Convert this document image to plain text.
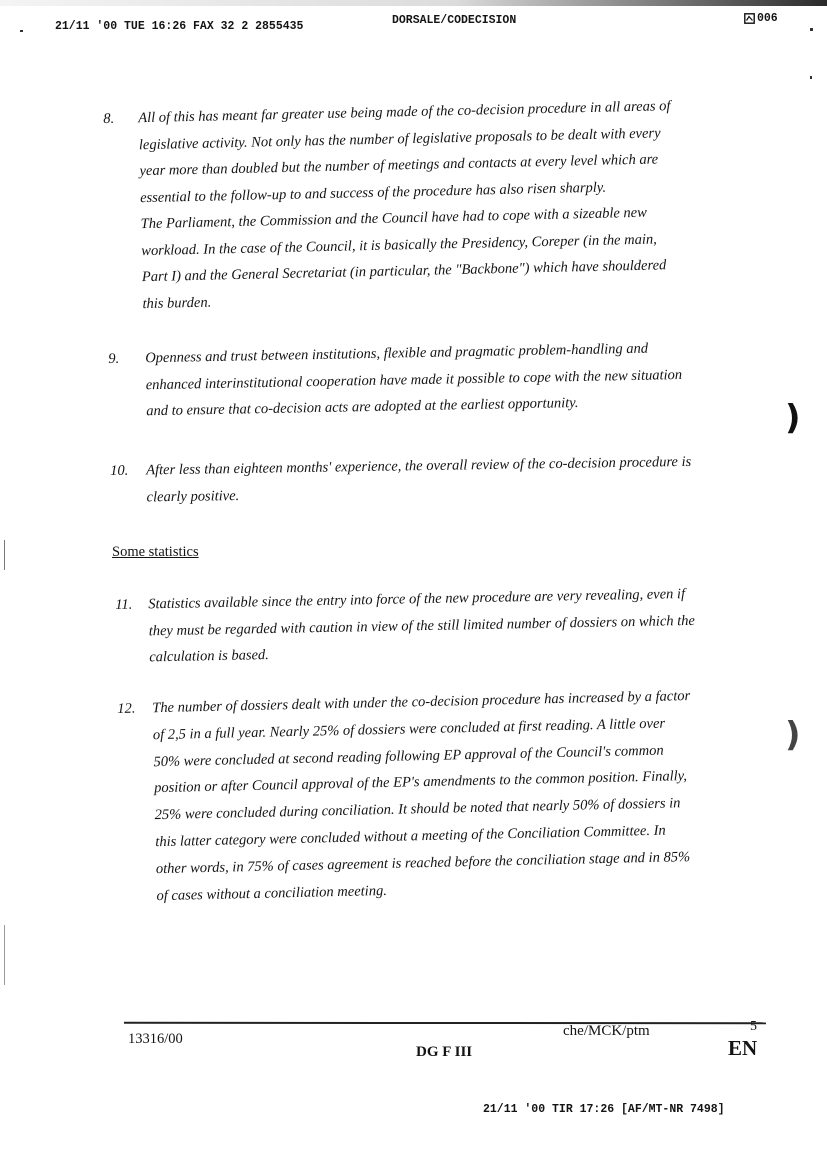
21/11 '00 TUE 16:26 FAX 32 2 2855435	DORSALE/CODECISION	006
)
)
8. All of this has meant far greater use being made of the co-decision procedure in all areas of
legislative activity. Not only has the number of legislative proposals to be dealt with every
year more than doubled but the number of meetings and contacts at every level which are
essential to the follow-up to and success of the procedure has also risen sharply.
The Parliament, the Commission and the Council have had to cope with a sizeable new
workload. In the case of the Council, it is basically the Presidency, Coreper (in the main,
Part I) and the General Secretariat (in particular, the "Backbone") which have shouldered
this burden.
9. Openness and trust between institutions, flexible and pragmatic problem-handling and
enhanced interinstitutional cooperation have made it possible to cope with the new situation
and to ensure that co-decision acts are adopted at the earliest opportunity.
10. After less than eighteen months' experience, the overall review of the co-decision procedure is
clearly positive.
Some statistics
11. Statistics available since the entry into force of the new procedure are very revealing, even if
they must be regarded with caution in view of the still limited number of dossiers on which the
calculation is based.
12. The number of dossiers dealt with under the co-decision procedure has increased by a factor
of 2,5 in a full year. Nearly 25% of dossiers were concluded at first reading. A little over
50% were concluded at second reading following EP approval of the Council's common
position or after Council approval of the EP's amendments to the common position. Finally,
25% were concluded during conciliation. It should be noted that nearly 50% of dossiers in
this latter category were concluded without a meeting of the Conciliation Committee. In
other words, in 75% of cases agreement is reached before the conciliation stage and in 85%
of cases without a conciliation meeting.
13316/00
DG F III
che/MCK/ptm	5
EN
21/11 '00 TIR 17:26 [AF/MT-NR 7498]
